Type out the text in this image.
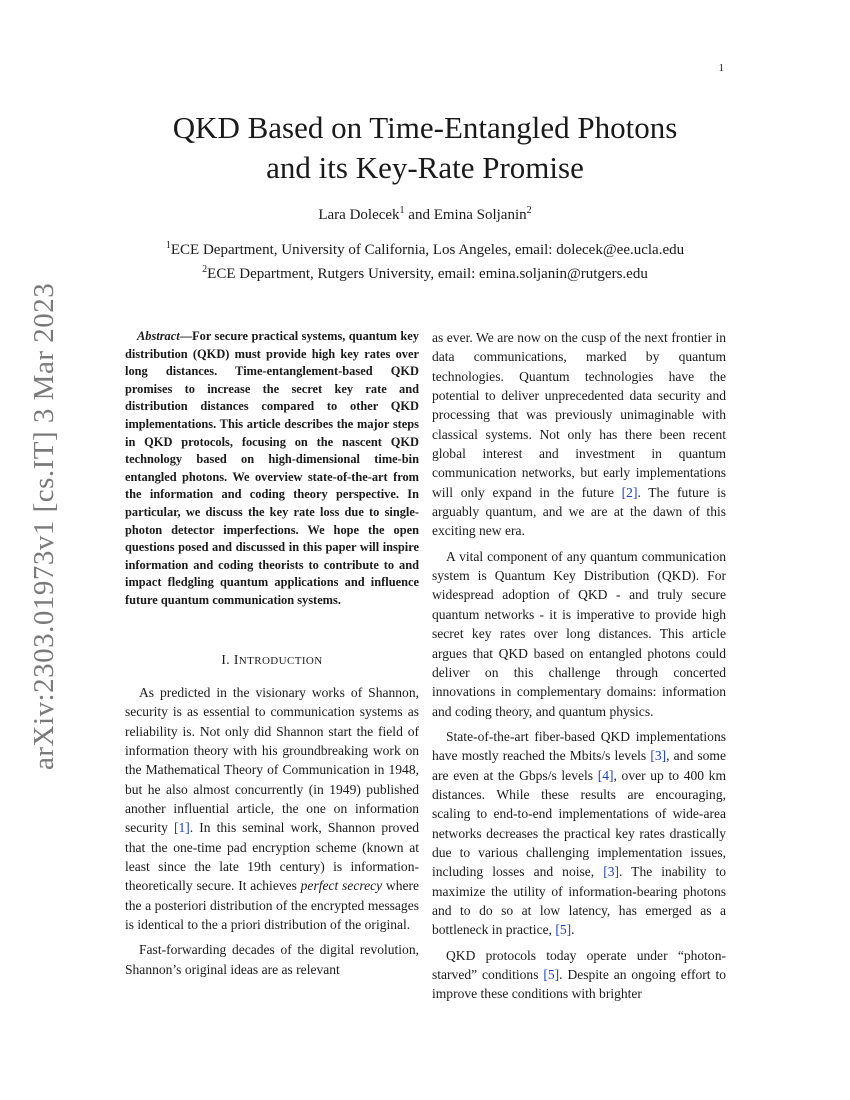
1
arXiv:2303.01973v1 [cs.IT] 3 Mar 2023
QKD Based on Time-Entangled Photons
and its Key-Rate Promise
Lara Dolecek$^1$ and Emina Soljanin$^2$
$^1$ECE Department, University of California, Los Angeles, email: dolecek@ee.ucla.edu
$^2$ECE Department, Rutgers University, email: emina.soljanin@rutgers.edu

Abstract—For secure practical systems, quantum key distribution (QKD) must provide high key rates over long distances. Time-entanglement-based QKD promises to increase the secret key rate and distribution distances compared to other QKD implementations. This article describes the major steps in QKD protocols, focusing on the nascent QKD technology based on high-dimensional time-bin entangled photons. We overview state-of-the-art from the information and coding theory perspective. In particular, we discuss the key rate loss due to single-photon detector imperfections. We hope the open questions posed and discussed in this paper will inspire information and coding theorists to contribute to and impact fledgling quantum applications and influence future quantum communication systems.

I. INTRODUCTION

As predicted in the visionary works of Shannon, security is as essential to communication systems as reliability is. Not only did Shannon start the field of information theory with his groundbreaking work on the Mathematical Theory of Communication in 1948, but he also almost concurrently (in 1949) published another influential article, the one on information security [1]. In this seminal work, Shannon proved that the one-time pad encryption scheme (known at least since the late 19th century) is information-theoretically secure. It achieves perfect secrecy where the a posteriori distribution of the encrypted messages is identical to the a priori distribution of the original.

Fast-forwarding decades of the digital revolution, Shannon’s original ideas are as relevant

as ever. We are now on the cusp of the next frontier in data communications, marked by quantum technologies. Quantum technologies have the potential to deliver unprecedented data security and processing that was previously unimaginable with classical systems. Not only has there been recent global interest and investment in quantum communication networks, but early implementations will only expand in the future [2]. The future is arguably quantum, and we are at the dawn of this exciting new era.

A vital component of any quantum communication system is Quantum Key Distribution (QKD). For widespread adoption of QKD - and truly secure quantum networks - it is imperative to provide high secret key rates over long distances. This article argues that QKD based on entangled photons could deliver on this challenge through concerted innovations in complementary domains: information and coding theory, and quantum physics.

State-of-the-art fiber-based QKD implementations have mostly reached the Mbits/s levels [3], and some are even at the Gbps/s levels [4], over up to 400 km distances. While these results are encouraging, scaling to end-to-end implementations of wide-area networks decreases the practical key rates drastically due to various challenging implementation issues, including losses and noise, [3]. The inability to maximize the utility of information-bearing photons and to do so at low latency, has emerged as a bottleneck in practice, [5].

QKD protocols today operate under “photon-starved” conditions [5]. Despite an ongoing effort to improve these conditions with brighter
